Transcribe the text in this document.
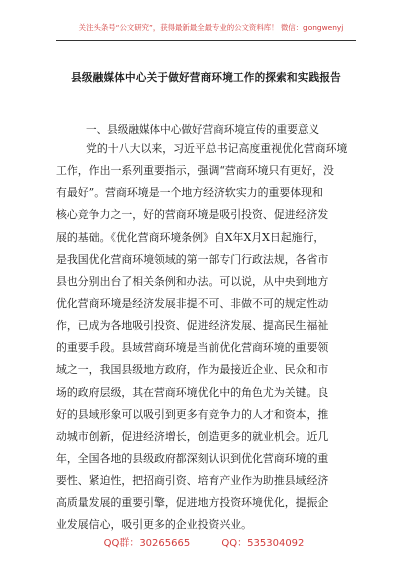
关注头条号“公文研究”，获得最新最全最专业的公文资料库！ 微信：gongwenyj
县级融媒体中心关于做好营商环境工作的探索和实践报告
一、县级融媒体中心做好营商环境宣传的重要意义
党的十八大以来，习近平总书记高度重视优化营商环境
工作，作出一系列重要指示，强调“营商环境只有更好，没
有最好”。营商环境是一个地方经济软实力的重要体现和
核心竞争力之一，好的营商环境是吸引投资、促进经济发
展的基础。《优化营商环境条例》自X年X月X日起施行，
是我国优化营商环境领域的第一部专门行政法规，各省市
县也分别出台了相关条例和办法。可以说，从中央到地方
优化营商环境是经济发展非提不可、非做不可的规定性动
作，已成为各地吸引投资、促进经济发展、提高民生福祉
的重要手段。县域营商环境是当前优化营商环境的重要领
域之一，我国县级地方政府，作为最接近企业、民众和市
场的政府层级，其在营商环境优化中的角色尤为关键。良
好的县域形象可以吸引到更多有竞争力的人才和资本，推
动城市创新，促进经济增长，创造更多的就业机会。近几
年，全国各地的县级政府都深刻认识到优化营商环境的重
要性、紧迫性，把招商引资、培育产业作为助推县域经济
高质量发展的重要引擎，促进地方投资环境优化，提振企
业发展信心，吸引更多的企业投资兴业。
QQ群：30265665	QQ：535304092
